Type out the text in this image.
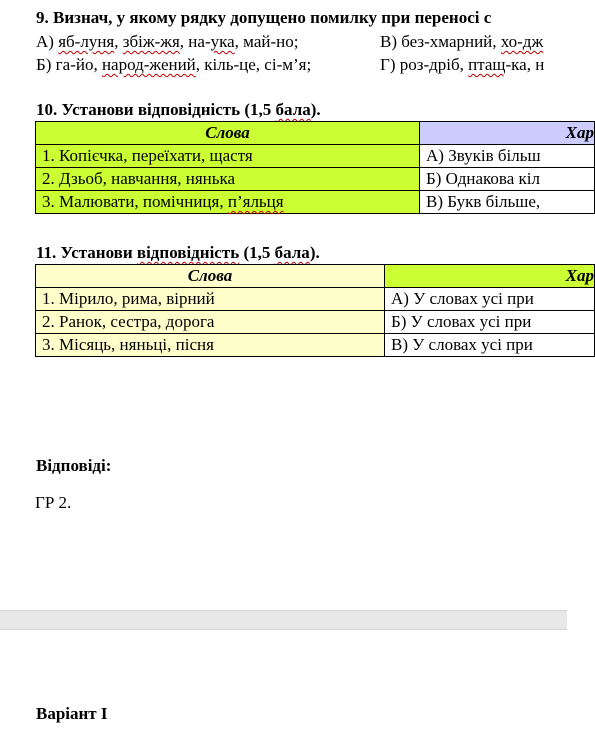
9. Визнач, у якому рядку допущено помилку при переносі с
А) яб-луня, збіж-жя, на-ука, май-но;	В) без-хмарний, хо-дж
Б) га-йо, народ-жений, кіль-це, сі-м’я;	Г) роз-дріб, птащ-ка, н
10. Установи відповідність (1,5 бала).
Слова	Хар
1. Копієчка, переїхати, щастя	А) Звуків більш
2. Дзьоб, навчання, нянька	Б) Однакова кіл
3. Малювати, помічниця, п’яльця	В) Букв більше,
11. Установи відповідність (1,5 бала).
Слова	Хар
1. Мірило, рима, вірний	А) У словах усі при
2. Ранок, сестра, дорога	Б) У словах усі при
3. Місяць, няньці, пісня	В) У словах усі при
Відповіді:
ГР 2.
Варіант І
